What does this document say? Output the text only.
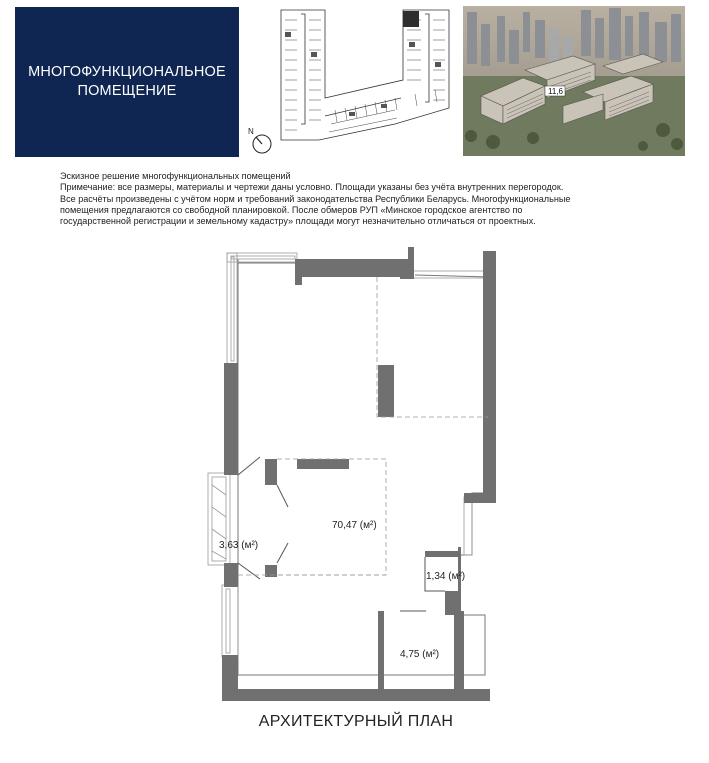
МНОГОФУНКЦИОНАЛЬНОЕ
ПОМЕЩЕНИЕ
N
11,6
Эскизное решение многофункциональных помещений
Примечание: все размеры, материалы и чертежи даны условно. Площади указаны без учёта внутренних перегородок.
Все расчёты произведены с учётом норм и требований законодательства Республики Беларусь. Многофункциональные
помещения предлагаются со свободной планировкой. После обмеров РУП «Минское городское агентство по
государственной регистрации и земельному кадастру» площади могут незначительно отличаться от проектных.
70,47 (м²)
3,63 (м²)
1,34 (м²)
4,75 (м²)
АРХИТЕКТУРНЫЙ ПЛАН
